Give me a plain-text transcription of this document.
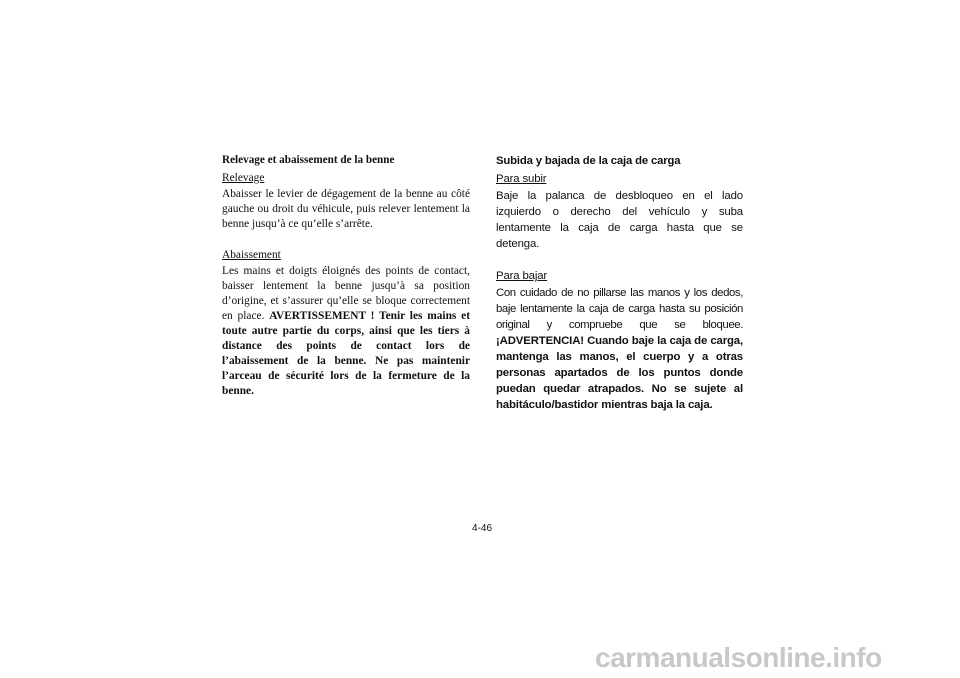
Relevage et abaissement de la benne
Relevage

Abaisser le levier de dégagement de la benne au côté gauche ou droit du véhicule, puis relever lentement la benne jusqu’à ce qu’elle s’arrête.

Abaissement

Les mains et doigts éloignés des points de contact, baisser lentement la benne jusqu’à sa position d’origine, et s’assurer qu’elle se bloque correctement en place. AVERTISSEMENT ! Tenir les mains et toute autre partie du corps, ainsi que les tiers à distance des points de contact lors de l’abaissement de la benne. Ne pas maintenir l’arceau de sécurité lors de la fermeture de la benne.

Subida y bajada de la caja de carga
Para subir

Baje la palanca de desbloqueo en el lado izquierdo o derecho del vehículo y suba lentamente la caja de carga hasta que se detenga.

Para bajar

Con cuidado de no pillarse las manos y los dedos, baje lentamente la caja de carga hasta su posición original y compruebe que se bloquee. ¡ADVERTENCIA! Cuando baje la caja de carga, mantenga las manos, el cuerpo y a otras personas apartados de los puntos donde puedan quedar atrapados. No se sujete al habitáculo/bastidor mientras baja la caja.

4-46
carmanualsonline.info
